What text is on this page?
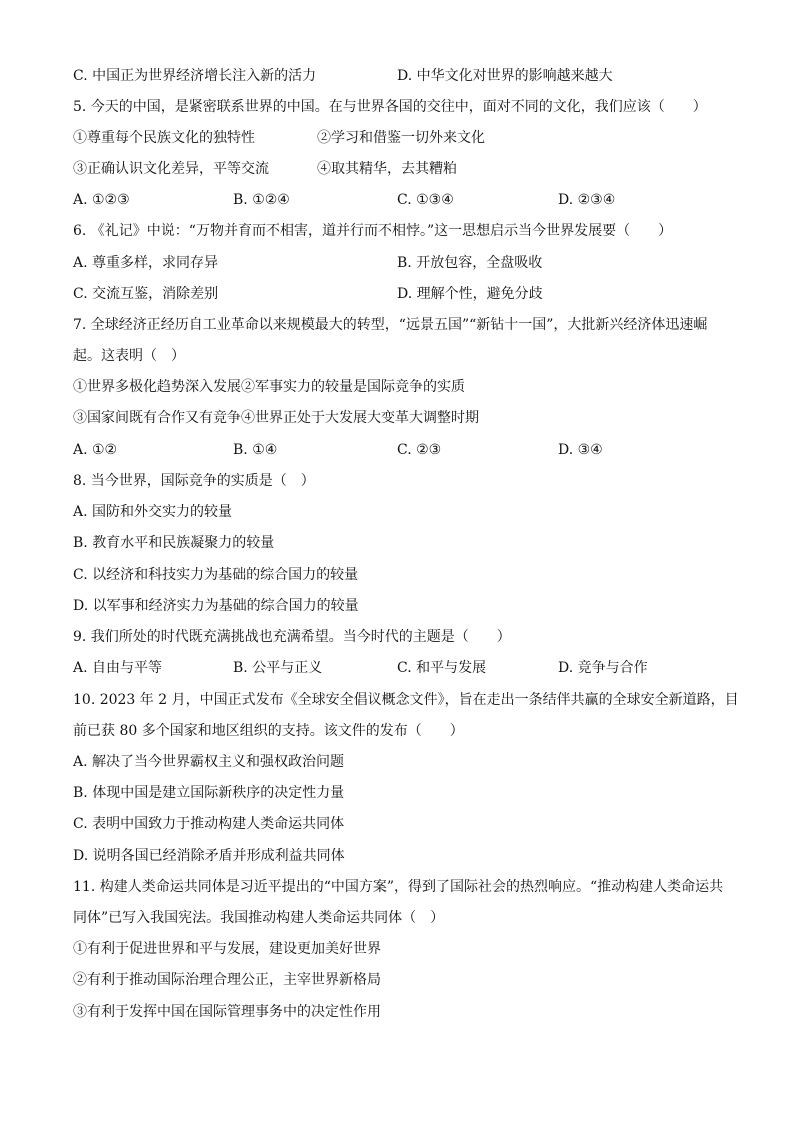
C. 中国正为世界经济增长注入新的活力	D. 中华文化对世界的影响越来越大
5. 今天的中国，是紧密联系世界的中国。在与世界各国的交往中，面对不同的文化，我们应该（　　）
①尊重每个民族文化的独特性	②学习和借鉴一切外来文化
③正确认识文化差异，平等交流	④取其精华，去其糟粕
A. ①②③	B. ①②④	C. ①③④	D. ②③④
6. 《礼记》中说：“万物并育而不相害，道并行而不相悖。”这一思想启示当今世界发展要（　　）
A. 尊重多样，求同存异	B. 开放包容，全盘吸收
C. 交流互鉴，消除差别	D. 理解个性，避免分歧
7. 全球经济正经历自工业革命以来规模最大的转型，“远景五国”“新钻十一国”，大批新兴经济体迅速崛
起。这表明（　）
①世界多极化趋势深入发展②军事实力的较量是国际竞争的实质
③国家间既有合作又有竞争④世界正处于大发展大变革大调整时期
A. ①②	B. ①④	C. ②③	D. ③④
8. 当今世界，国际竞争的实质是（　）
A. 国防和外交实力的较量
B. 教育水平和民族凝聚力的较量
C. 以经济和科技实力为基础的综合国力的较量
D. 以军事和经济实力为基础的综合国力的较量
9. 我们所处的时代既充满挑战也充满希望。当今时代的主题是（　　）
A. 自由与平等	B. 公平与正义	C. 和平与发展	D. 竞争与合作
10. 2023 年 2 月，中国正式发布《全球安全倡议概念文件》，旨在走出一条结伴共赢的全球安全新道路，目
前已获 80 多个国家和地区组织的支持。该文件的发布（　　）
A. 解决了当今世界霸权主义和强权政治问题
B. 体现中国是建立国际新秩序的决定性力量
C. 表明中国致力于推动构建人类命运共同体
D. 说明各国已经消除矛盾并形成利益共同体
11. 构建人类命运共同体是习近平提出的“中国方案”，得到了国际社会的热烈响应。“推动构建人类命运共
同体”已写入我国宪法。我国推动构建人类命运共同体（　）
①有利于促进世界和平与发展，建设更加美好世界
②有利于推动国际治理合理公正，主宰世界新格局
③有利于发挥中国在国际管理事务中的决定性作用
